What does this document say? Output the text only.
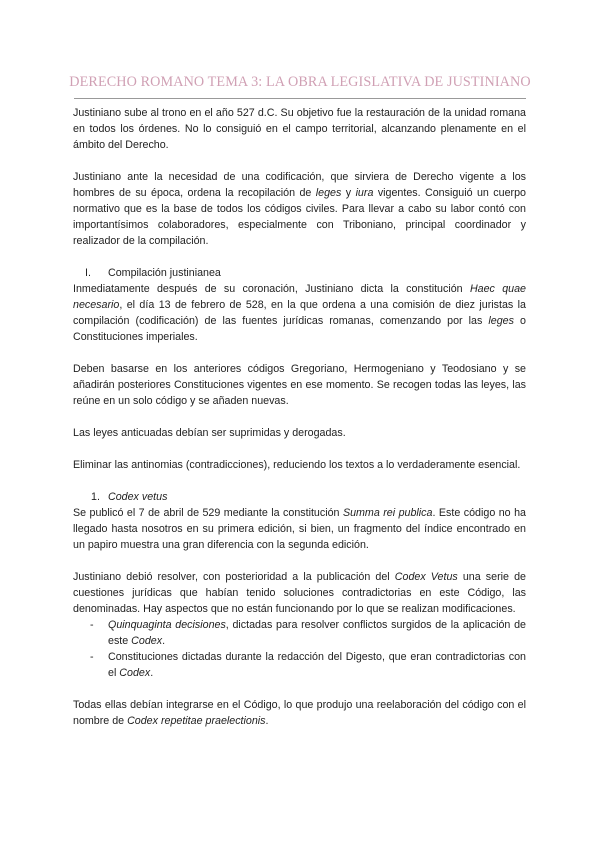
DERECHO ROMANO TEMA 3: LA OBRA LEGISLATIVA DE JUSTINIANO

Justiniano sube al trono en el año 527 d.C. Su objetivo fue la restauración de la unidad romana en todos los órdenes. No lo consiguió en el campo territorial, alcanzando plenamente en el ámbito del Derecho.

Justiniano ante la necesidad de una codificación, que sirviera de Derecho vigente a los hombres de su época, ordena la recopilación de leges y iura vigentes. Consiguió un cuerpo normativo que es la base de todos los códigos civiles. Para llevar a cabo su labor contó con importantísimos colaboradores, especialmente con Triboniano, principal coordinador y realizador de la compilación.

I.	Compilación justinianea

Inmediatamente después de su coronación, Justiniano dicta la constitución Haec quae necesario, el día 13 de febrero de 528, en la que ordena a una comisión de diez juristas la compilación (codificación) de las fuentes jurídicas romanas, comenzando por las leges o Constituciones imperiales.

Deben basarse en los anteriores códigos Gregoriano, Hermogeniano y Teodosiano y se añadirán posteriores Constituciones vigentes en ese momento. Se recogen todas las leyes, las reúne en un solo código y se añaden nuevas.

Las leyes anticuadas debían ser suprimidas y derogadas.

Eliminar las antinomias (contradicciones), reduciendo los textos a lo verdaderamente esencial.

1. Codex vetus

Se publicó el 7 de abril de 529 mediante la constitución Summa rei publica. Este código no ha llegado hasta nosotros en su primera edición, si bien, un fragmento del índice encontrado en un papiro muestra una gran diferencia con la segunda edición.

Justiniano debió resolver, con posterioridad a la publicación del Codex Vetus una serie de cuestiones jurídicas que habían tenido soluciones contradictorias en este Código, las denominadas. Hay aspectos que no están funcionando por lo que se realizan modificaciones.

-	Quinquaginta decisiones, dictadas para resolver conflictos surgidos de la aplicación de este Codex.
-	Constituciones dictadas durante la redacción del Digesto, que eran contradictorias con el Codex.

Todas ellas debían integrarse en el Código, lo que produjo una reelaboración del código con el nombre de Codex repetitae praelectionis.
